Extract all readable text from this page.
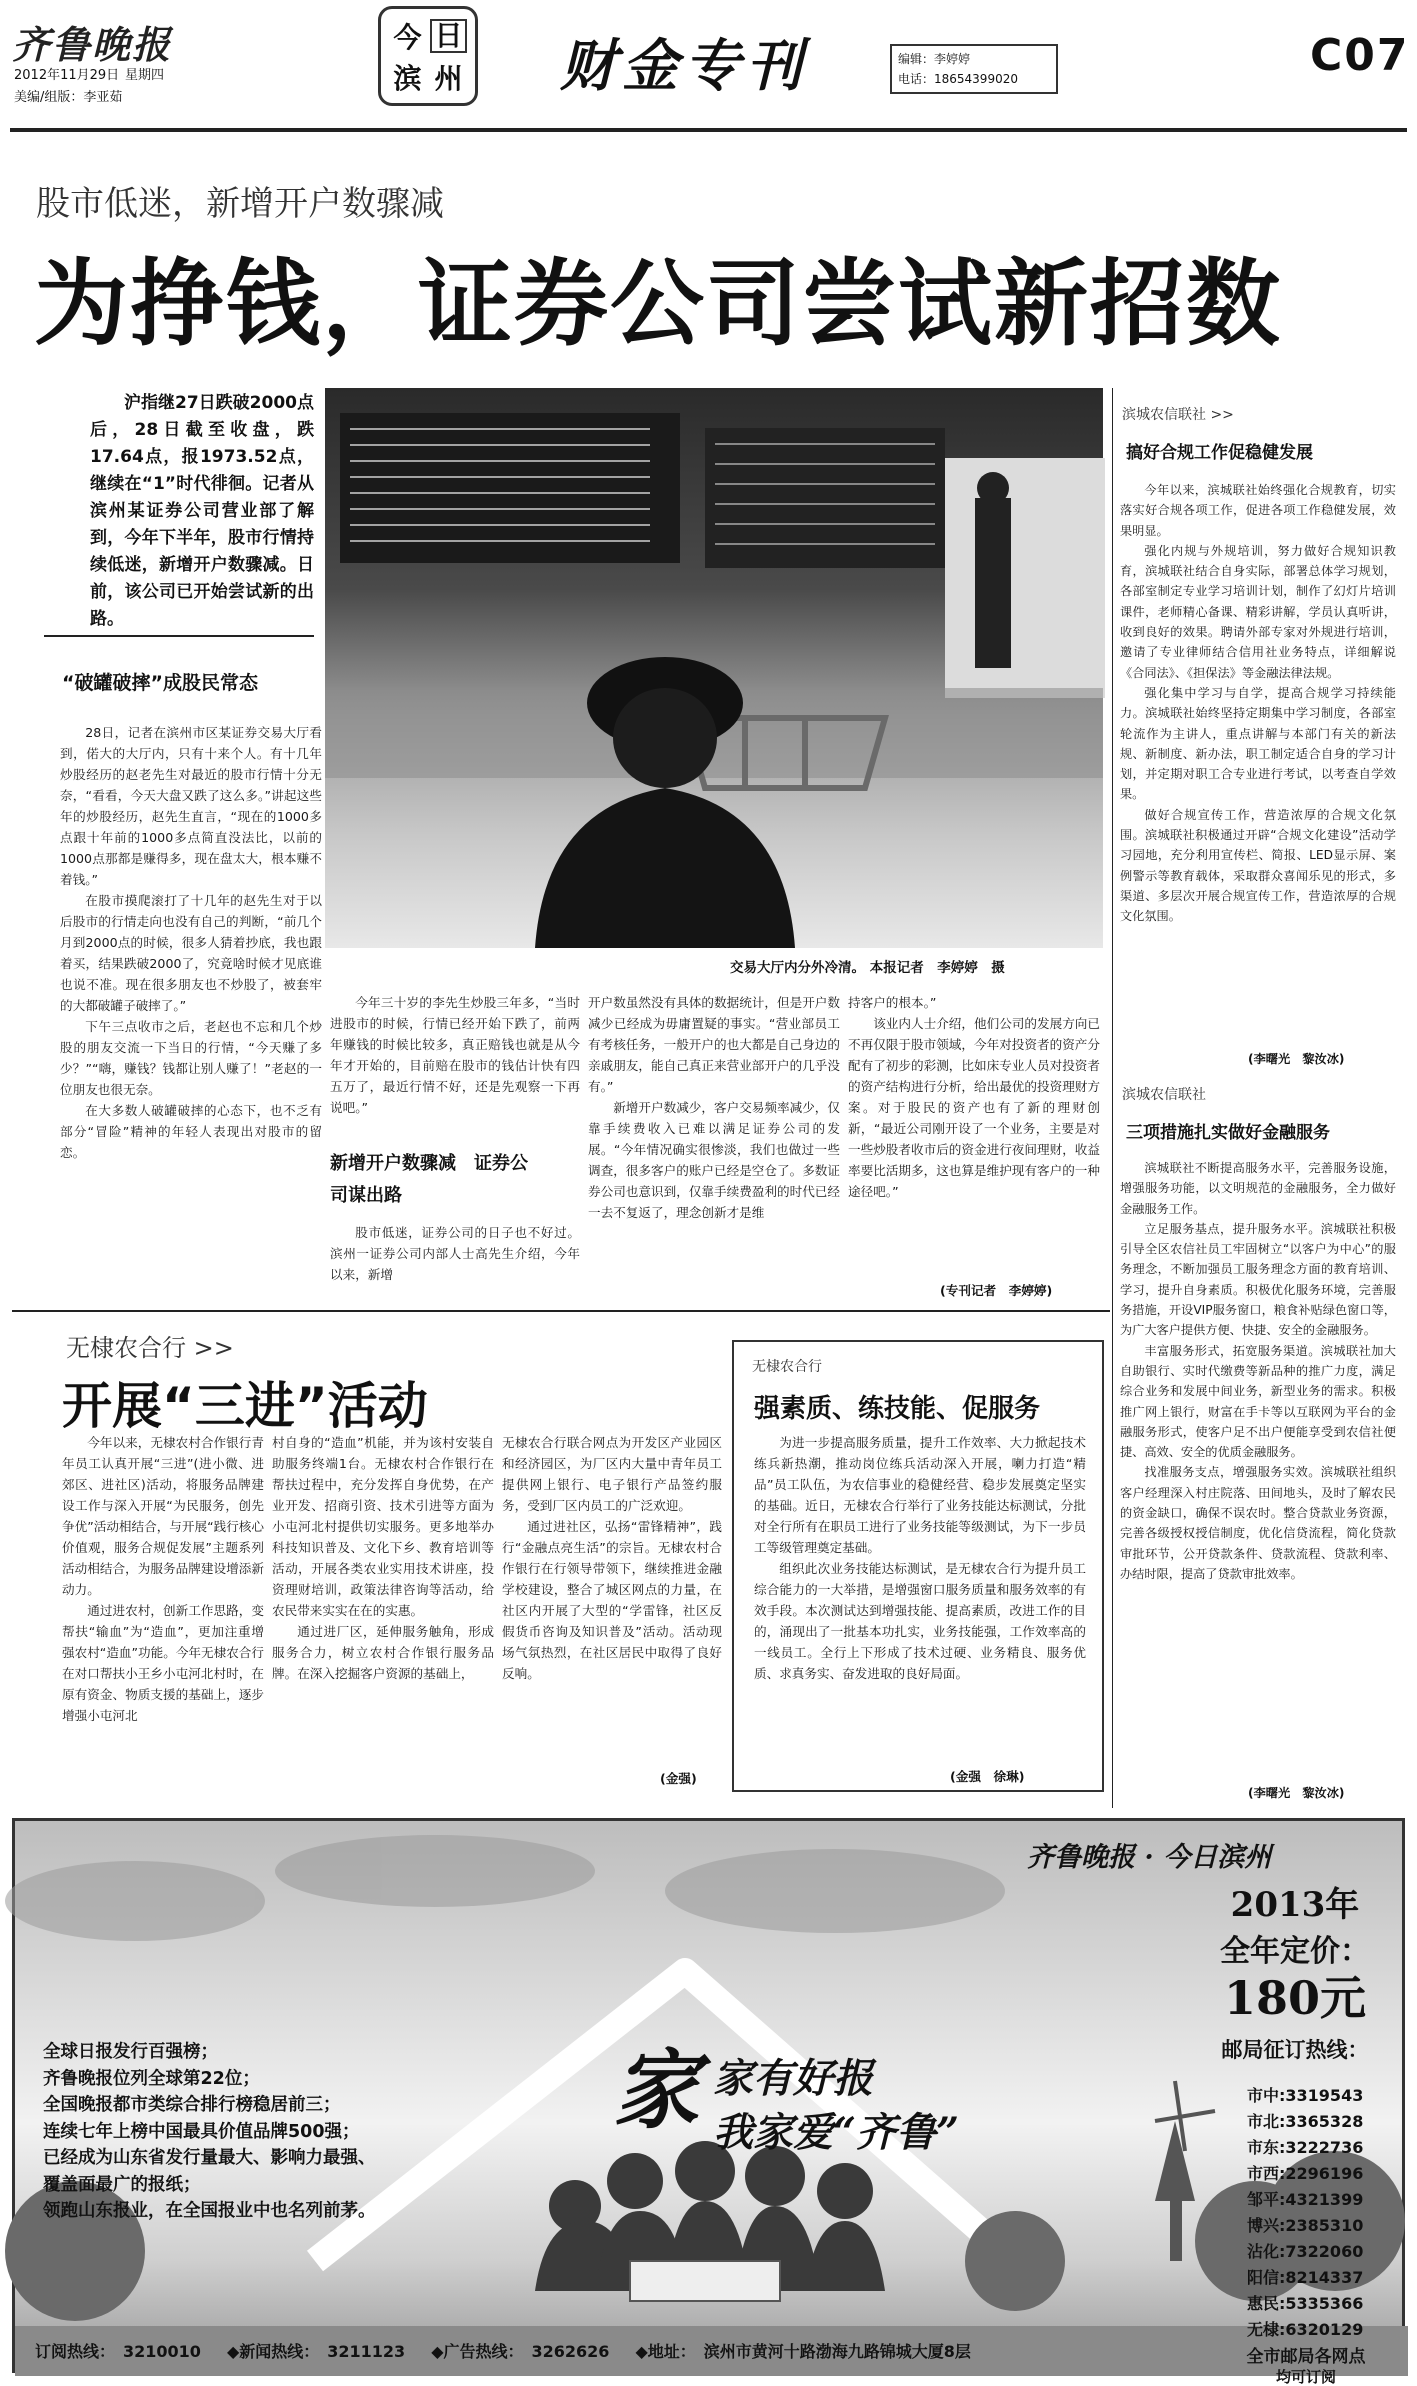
齐鲁晚报
2012年11月29日 星期四
美编/组版：李亚茹
今 日
滨 州 财金专刊	编辑：李婷婷
电话：18654399020	C07
股市低迷，新增开户数骤减
为挣钱，证券公司尝试新招数
沪指继27日跌破2000点后，28日截至收盘，跌17.64点，报1973.52点，继续在“1”时代徘徊。记者从滨州某证券公司营业部了解到，今年下半年，股市行情持续低迷，新增开户数骤减。日前，该公司已开始尝试新的出路。
交易大厅内分外冷清。 本报记者　李婷婷　摄
“破罐破摔”成股民常态

28日，记者在滨州市区某证券交易大厅看到，偌大的大厅内，只有十来个人。有十几年炒股经历的赵老先生对最近的股市行情十分无奈，“看看，今天大盘又跌了这么多。”讲起这些年的炒股经历，赵先生直言，“现在的1000多点跟十年前的1000多点简直没法比，以前的1000点那都是赚得多，现在盘太大，根本赚不着钱。”

在股市摸爬滚打了十几年的赵先生对于以后股市的行情走向也没有自己的判断，“前几个月到2000点的时候，很多人猜着抄底，我也跟着买，结果跌破2000了，究竟啥时候才见底谁也说不准。现在很多朋友也不炒股了，被套牢的大都破罐子破摔了。”

下午三点收市之后，老赵也不忘和几个炒股的朋友交流一下当日的行情，“今天赚了多少？”“嗨，赚钱？钱都让别人赚了！”老赵的一位朋友也很无奈。

在大多数人破罐破摔的心态下，也不乏有部分“冒险”精神的年轻人表现出对股市的留恋。

今年三十岁的李先生炒股三年多，“当时进股市的时候，行情已经开始下跌了，前两年赚钱的时候比较多，真正赔钱也就是从今年才开始的，目前赔在股市的钱估计快有四五万了，最近行情不好，还是先观察一下再说吧。”

新增开户数骤减　证券公司谋出路

股市低迷，证券公司的日子也不好过。滨州一证券公司内部人士高先生介绍，今年以来，新增

开户数虽然没有具体的数据统计，但是开户数减少已经成为毋庸置疑的事实。“营业部员工有考核任务，一般开户的也大都是自己身边的亲戚朋友，能自己真正来营业部开户的几乎没有。”

新增开户数减少，客户交易频率减少，仅靠手续费收入已难以满足证券公司的发展。“今年情况确实很惨淡，我们也做过一些调查，很多客户的账户已经是空仓了。多数证券公司也意识到，仅靠手续费盈利的时代已经一去不复返了，理念创新才是维

持客户的根本。”

该业内人士介绍，他们公司的发展方向已不再仅限于股市领域，今年对投资者的资产分配有了初步的彩测，比如床专业人员对投资者的资产结构进行分析，给出最优的投资理财方案。对于股民的资产也有了新的理财创新，“最近公司刚开设了一个业务，主要是对一些炒股者收市后的资金进行夜间理财，收益率要比活期多，这也算是维护现有客户的一种途径吧。”

(专刊记者　李婷婷)
滨城农信联社 >>
搞好合规工作促稳健发展

今年以来，滨城联社始终强化合规教育，切实落实好合规各项工作，促进各项工作稳健发展，效果明显。

强化内规与外规培训，努力做好合规知识教育，滨城联社结合自身实际，部署总体学习规划，各部室制定专业学习培训计划，制作了幻灯片培训课件，老师精心备课、精彩讲解，学员认真听讲，收到良好的效果。聘请外部专家对外规进行培训，邀请了专业律师结合信用社业务特点，详细解说《合同法》、《担保法》等金融法律法规。

强化集中学习与自学，提高合规学习持续能力。滨城联社始终坚持定期集中学习制度，各部室轮流作为主讲人，重点讲解与本部门有关的新法规、新制度、新办法，职工制定适合自身的学习计划，并定期对职工合专业进行考试，以考查自学效果。

做好合规宣传工作，营造浓厚的合规文化氛围。滨城联社积极通过开辟“合规文化建设”活动学习园地，充分利用宣传栏、简报、LED显示屏、案例警示等教育载体，采取群众喜闻乐见的形式，多渠道、多层次开展合规宣传工作，营造浓厚的合规文化氛围。

(李曙光　黎汝冰)
滨城农信联社
三项措施扎实做好金融服务

滨城联社不断提高服务水平，完善服务设施，增强服务功能，以文明规范的金融服务，全力做好金融服务工作。

立足服务基点，提升服务水平。滨城联社积极引导全区农信社员工牢固树立“以客户为中心”的服务理念，不断加强员工服务理念方面的教育培训、学习，提升自身素质。积极优化服务环境，完善服务措施，开设VIP服务窗口，粮食补贴绿色窗口等，为广大客户提供方便、快捷、安全的金融服务。

丰富服务形式，拓宽服务渠道。滨城联社加大自助银行、实时代缴费等新品种的推广力度，满足综合业务和发展中间业务，新型业务的需求。积极推广网上银行，财富在手卡等以互联网为平台的金融服务形式，使客户足不出户便能享受到农信社便捷、高效、安全的优质金融服务。

找准服务支点，增强服务实效。滨城联社组织客户经理深入村庄院落、田间地头，及时了解农民的资金缺口，确保不误农时。整合贷款业务资源，完善各级授权授信制度，优化信贷流程，简化贷款审批环节，公开贷款条件、贷款流程、贷款利率、办结时限，提高了贷款审批效率。

(李曙光　黎汝冰)
无棣农合行 >>
开展“三进”活动

今年以来，无棣农村合作银行青年员工认真开展“三进”(进小微、进郊区、进社区)活动，将服务品牌建设工作与深入开展“为民服务，创先争优”活动相结合，与开展“践行核心价值观，服务合规促发展”主题系列活动相结合，为服务品牌建设增添新动力。

通过进农村，创新工作思路，变帮扶“输血”为“造血”，更加注重增强农村“造血”功能。今年无棣农合行在对口帮扶小王乡小屯河北村时，在原有资金、物质支援的基础上，逐步增强小屯河北

村自身的“造血”机能，并为该村安装自助服务终端1台。无棣农村合作银行在帮扶过程中，充分发挥自身优势，在产业开发、招商引资、技术引进等方面为小屯河北村提供切实服务。更多地举办科技知识普及、文化下乡、教育培训等活动，开展各类农业实用技术讲座，投资理财培训，政策法律咨询等活动，给农民带来实实在在的实惠。

通过进厂区，延伸服务触角，形成服务合力，树立农村合作银行服务品牌。在深入挖掘客户资源的基础上，

无棣农合行联合网点为开发区产业园区和经济园区，为厂区内大量中青年员工提供网上银行、电子银行产品签约服务，受到厂区内员工的广泛欢迎。

通过进社区，弘扬“雷锋精神”，践行“金融点亮生活”的宗旨。无棣农村合作银行在行领导带领下，继续推进金融学校建设，整合了城区网点的力量，在社区内开展了大型的“学雷锋，社区反假货币咨询及知识普及”活动。活动现场气氛热烈，在社区居民中取得了良好反响。

(金强)
无棣农合行
强素质、练技能、促服务

为进一步提高服务质量，提升工作效率、大力掀起技术练兵新热潮，推动岗位练兵活动深入开展，喇力打造“精品”员工队伍，为农信事业的稳健经营、稳步发展奠定坚实的基础。近日，无棣农合行举行了业务技能达标测试，分批对全行所有在职员工进行了业务技能等级测试，为下一步员工等级管理奠定基础。

组织此次业务技能达标测试，是无棣农合行为提升员工综合能力的一大举措，是增强窗口服务质量和服务效率的有效手段。本次测试达到增强技能、提高素质，改进工作的目的，涌现出了一批基本功扎实，业务技能强，工作效率高的一线员工。全行上下形成了技术过硬、业务精良、服务优质、求真务实、奋发进取的良好局面。

(金强　徐琳)
家 家有好报
我家爱“齐鲁”
全球日报发行百强榜；
齐鲁晚报位列全球第22位；
全国晚报都市类综合排行榜稳居前三；
连续七年上榜中国最具价值品牌500强；
已经成为山东省发行量最大、影响力最强、
覆盖面最广的报纸；
领跑山东报业，在全国报业中也名列前茅。
齐鲁晚报 · 今日滨州
2013年
全年定价：
180元
邮局征订热线：
市中:3319543
市北:3365328
市东:3222736
市西:2296196
邹平:4321399
博兴:2385310
沾化:7322060
阳信:8214337
惠民:5335366
无棣:6320129
全市邮局各网点
均可订阅
订阅热线：　3210010 ◆新闻热线：　3211123 ◆广告热线：　3262626 ◆地址：　滨州市黄河十路渤海九路锦城大厦8层
